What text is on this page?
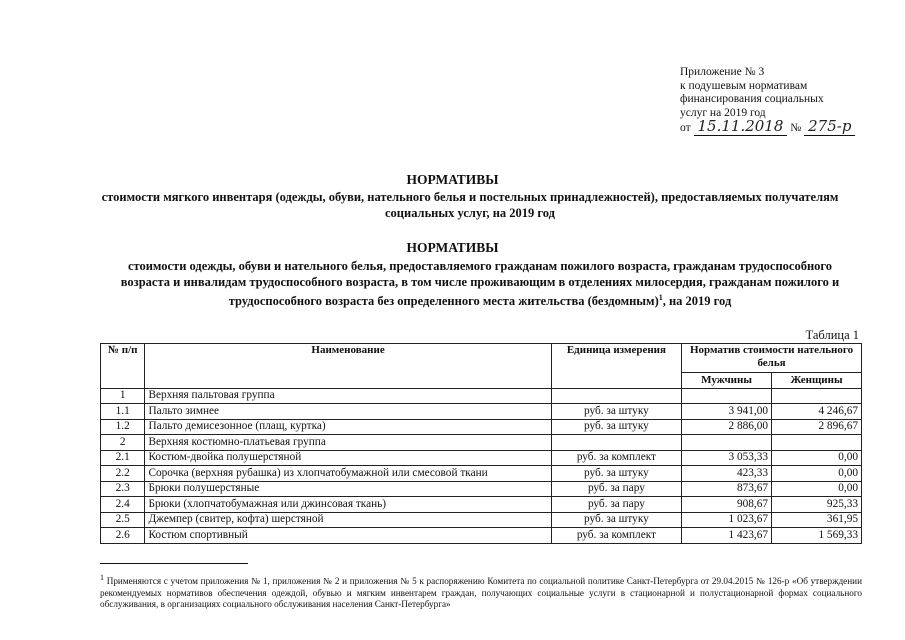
Приложение № 3
к подушевым нормативам
финансирования социальных
услуг на 2019 год
от 15.11.2018 № 275-р
НОРМАТИВЫ
стоимости мягкого инвентаря (одежды, обуви, нательного белья и постельных принадлежностей), предоставляемых получателям социальных услуг, на 2019 год
НОРМАТИВЫ
стоимости одежды, обуви и нательного белья, предоставляемого гражданам пожилого возраста, гражданам трудоспособного возраста и инвалидам трудоспособного возраста, в том числе проживающим в отделениях милосердия, гражданам пожилого и трудоспособного возраста без определенного места жительства (бездомным)$^1$, на 2019 год
Таблица 1
№ п/п	Наименование	Единица измерения	Норматив стоимости нательного белья	
			Мужчины	Женщины
1	Верхняя пальтовая группа			
1.1	Пальто зимнее	руб. за штуку	3 941,00	4 246,67
1.2	Пальто демисезонное (плащ, куртка)	руб. за штуку	2 886,00	2 896,67
2	Верхняя костюмно-платьевая группа			
2.1	Костюм-двойка полушерстяной	руб. за комплект	3 053,33	0,00
2.2	Сорочка (верхняя рубашка) из хлопчатобумажной или смесовой ткани	руб. за штуку	423,33	0,00
2.3	Брюки полушерстяные	руб. за пару	873,67	0,00
2.4	Брюки (хлопчатобумажная или джинсовая ткань)	руб. за пару	908,67	925,33
2.5	Джемпер (свитер, кофта) шерстяной	руб. за штуку	1 023,67	361,95
2.6	Костюм спортивный	руб. за комплект	1 423,67	1 569,33
$^1$ Применяются с учетом приложения № 1, приложения № 2 и приложения № 5 к распоряжению Комитета по социальной политике Санкт-Петербурга от 29.04.2015 № 126-р «Об утверждении рекомендуемых нормативов обеспечения одеждой, обувью и мягким инвентарем граждан, получающих социальные услуги в стационарной и полустационарной формах социального обслуживания, в организациях социального обслуживания населения Санкт-Петербурга»
